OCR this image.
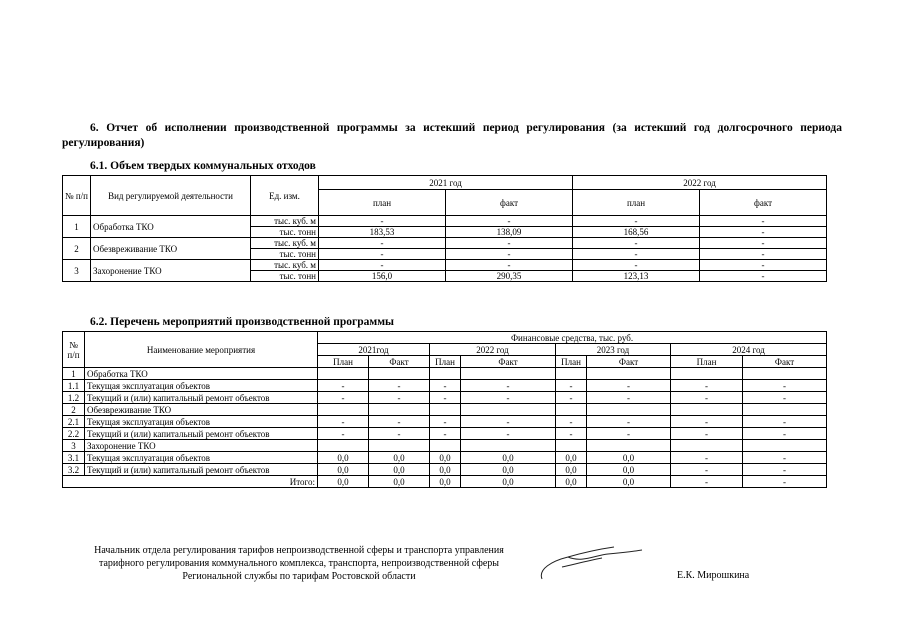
6. Отчет об исполнении производственной программы за истекший период регулирования (за истекший год долгосрочного периода регулирования)
6.1. Объем твердых коммунальных отходов
№ п/п	Вид регулируемой деятельности	Ед. изм.	2021 год		2022 год	
			план	факт	план	факт
1	Обработка ТКО	тыс. куб. м	-	-	-	-
		тыс. тонн	183,53	138,09	168,56	-
2	Обезвреживание ТКО	тыс. куб. м	-	-	-	-
		тыс. тонн	-	-	-	-
3	Захоронение ТКО	тыс. куб. м	-	-	-	-
		тыс. тонн	156,0	290,35	123,13	-
6.2. Перечень мероприятий производственной программы
№ п/п	Наименование мероприятия	Финансовые средства, тыс. руб.							
		2021год		2022 год		2023 год		2024 год	
		План	Факт	План	Факт	План	Факт	План	Факт
1	Обработка ТКО								
1.1	Текущая эксплуатация объектов	-	-	-	-	-	-	-	-
1.2	Текущий и (или) капитальный ремонт объектов	-	-	-	-	-	-	-	-
2	Обезвреживание ТКО								
2.1	Текущая эксплуатация объектов	-	-	-	-	-	-	-	-
2.2	Текущий и (или) капитальный ремонт объектов	-	-	-	-	-	-	-	-
3	Захоронение ТКО								
3.1	Текущая эксплуатация объектов	0,0	0,0	0,0	0,0	0,0	0,0	-	-
3.2	Текущий и (или) капитальный ремонт объектов	0,0	0,0	0,0	0,0	0,0	0,0	-	-
Итого:		0,0	0,0	0,0	0,0	0,0	0,0	-	-
Начальник отдела регулирования тарифов непроизводственной сферы и транспорта управления тарифного регулирования коммунального комплекса, транспорта, непроизводственной сферы Региональной службы по тарифам Ростовской области	Е.К. Мирошкина
